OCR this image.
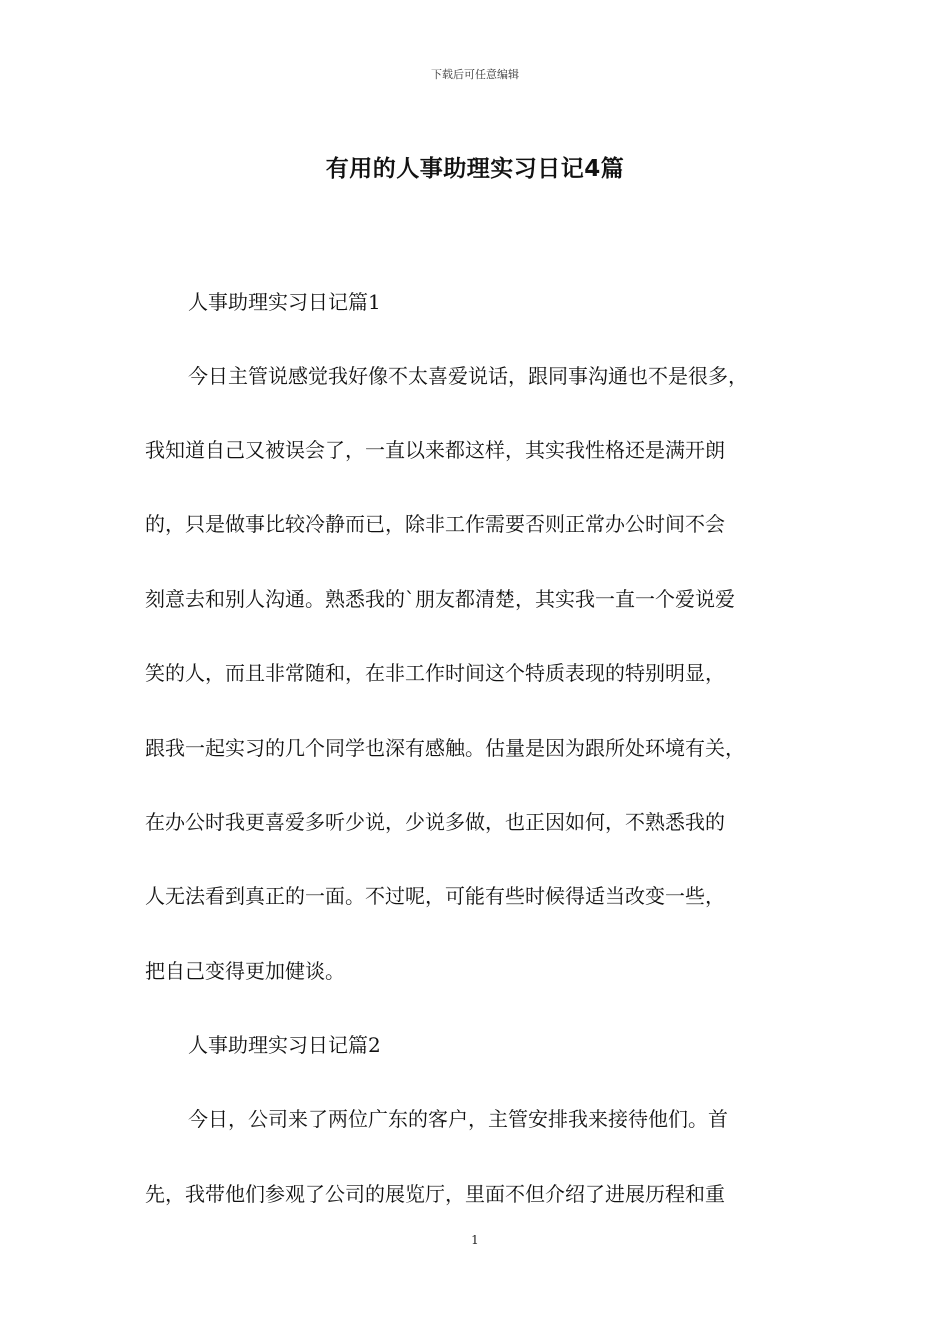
下载后可任意编辑
有用的人事助理实习日记4篇
人事助理实习日记篇1
今日主管说感觉我好像不太喜爱说话，跟同事沟通也不是很多，
我知道自己又被误会了，一直以来都这样，其实我性格还是满开朗
的，只是做事比较冷静而已，除非工作需要否则正常办公时间不会
刻意去和别人沟通。熟悉我的`朋友都清楚，其实我一直一个爱说爱
笑的人，而且非常随和，在非工作时间这个特质表现的特别明显，
跟我一起实习的几个同学也深有感触。估量是因为跟所处环境有关，
在办公时我更喜爱多听少说，少说多做，也正因如何，不熟悉我的
人无法看到真正的一面。不过呢，可能有些时候得适当改变一些，
把自己变得更加健谈。
人事助理实习日记篇2
今日，公司来了两位广东的客户，主管安排我来接待他们。首
先，我带他们参观了公司的展览厅，里面不但介绍了进展历程和重
1
